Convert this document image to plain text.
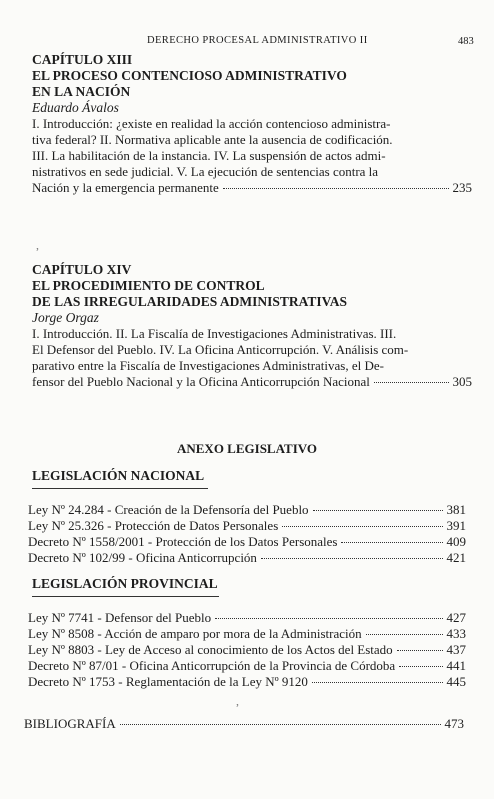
DERECHO PROCESAL ADMINISTRATIVO II	483
CAPÍTULO XIII
EL PROCESO CONTENCIOSO ADMINISTRATIVO
EN LA NACIÓN
Eduardo Ávalos
I. Introducción: ¿existe en realidad la acción contencioso administra-
tiva federal? II. Normativa aplicable ante la ausencia de codificación.
III. La habilitación de la instancia. IV. La suspensión de actos admi-
nistrativos en sede judicial. V. La ejecución de sentencias contra la
Nación y la emergencia permanente	235
,
CAPÍTULO XIV
EL PROCEDIMIENTO DE CONTROL
DE LAS IRREGULARIDADES ADMINISTRATIVAS
Jorge Orgaz
I. Introducción. II. La Fiscalía de Investigaciones Administrativas. III.
El Defensor del Pueblo. IV. La Oficina Anticorrupción. V. Análisis com-
parativo entre la Fiscalía de Investigaciones Administrativas, el De-
fensor del Pueblo Nacional y la Oficina Anticorrupción Nacional	305
ANEXO LEGISLATIVO
LEGISLACIÓN NACIONAL
Ley Nº 24.284 - Creación de la Defensoría del Pueblo	381
Ley Nº 25.326 - Protección de Datos Personales	391
Decreto Nº 1558/2001 - Protección de los Datos Personales	409
Decreto Nº 102/99 - Oficina Anticorrupción	421
LEGISLACIÓN PROVINCIAL
Ley Nº 7741 - Defensor del Pueblo	427
Ley Nº 8508 - Acción de amparo por mora de la Administración	433
Ley Nº 8803 - Ley de Acceso al conocimiento de los Actos del Estado	437
Decreto Nº 87/01 - Oficina Anticorrupción de la Provincia de Córdoba	441
Decreto Nº 1753 - Reglamentación de la Ley Nº 9120	445
,
BIBLIOGRAFÍA	473
